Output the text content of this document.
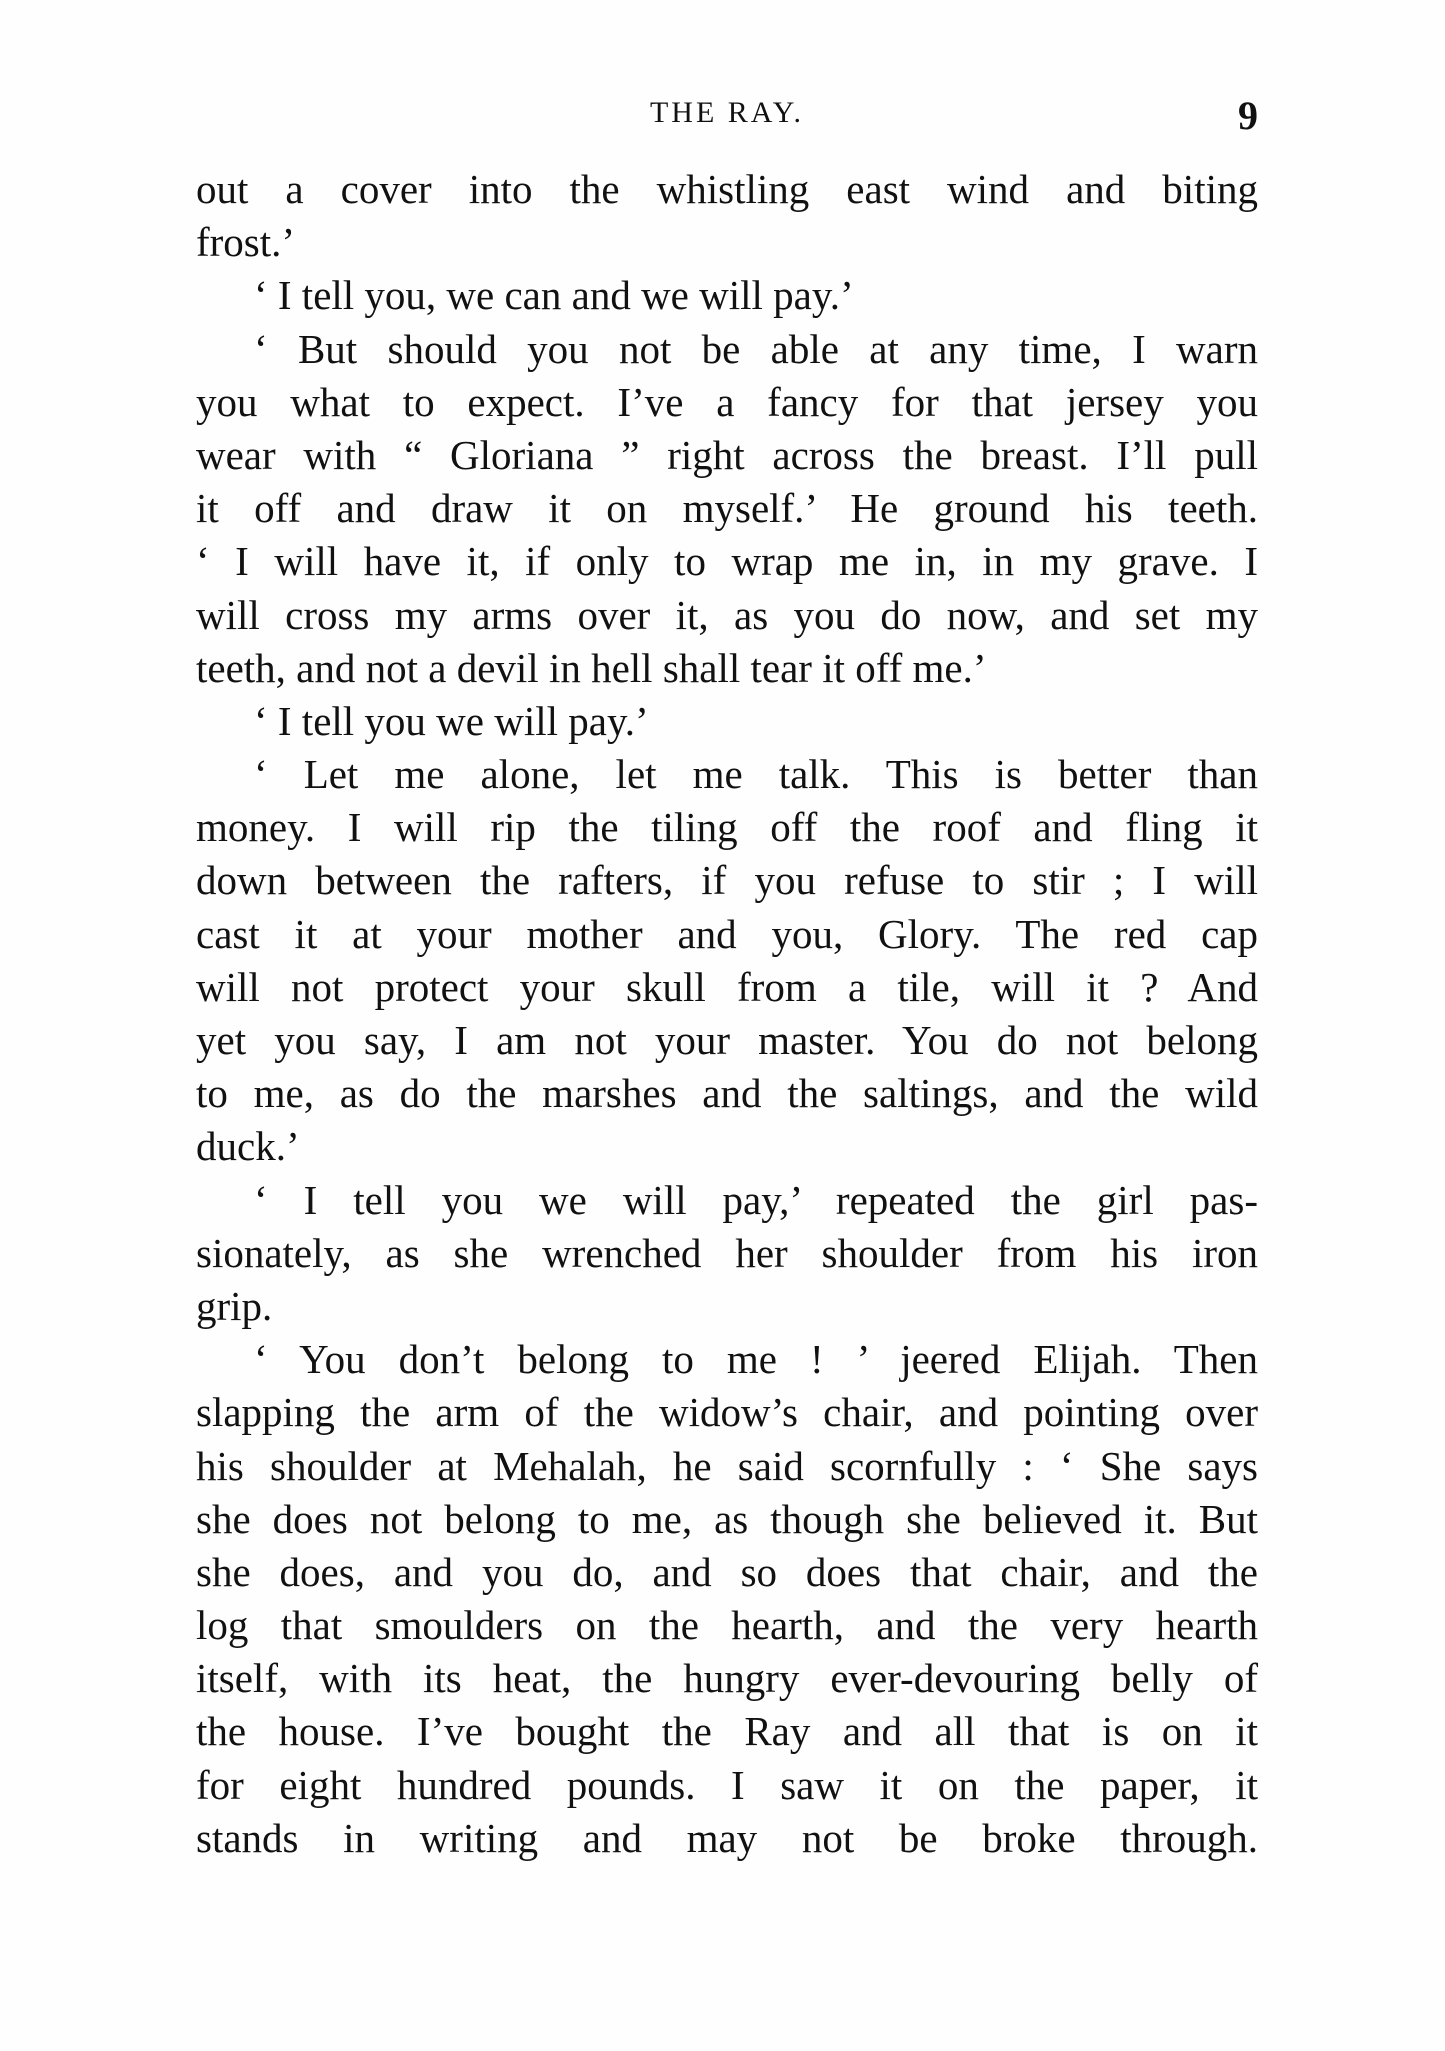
THE RAY.	9
out a cover into the whistling east wind and biting
frost.’
‘ I tell you, we can and we will pay.’
‘ But should you not be able at any time, I warn
you what to expect. I’ve a fancy for that jersey you
wear with “ Gloriana ” right across the breast. I’ll pull
it off and draw it on myself.’ He ground his teeth.
‘ I will have it, if only to wrap me in, in my grave. I
will cross my arms over it, as you do now, and set my
teeth, and not a devil in hell shall tear it off me.’
‘ I tell you we will pay.’
‘ Let me alone, let me talk. This is better than
money. I will rip the tiling off the roof and fling it
down between the rafters, if you refuse to stir ; I will
cast it at your mother and you, Glory. The red cap
will not protect your skull from a tile, will it ? And
yet you say, I am not your master. You do not belong
to me, as do the marshes and the saltings, and the wild
duck.’
‘ I tell you we will pay,’ repeated the girl pas-
sionately, as she wrenched her shoulder from his iron
grip.
‘ You don’t belong to me ! ’ jeered Elijah. Then
slapping the arm of the widow’s chair, and pointing over
his shoulder at Mehalah, he said scornfully : ‘ She says
she does not belong to me, as though she believed it. But
she does, and you do, and so does that chair, and the
log that smoulders on the hearth, and the very hearth
itself, with its heat, the hungry ever-devouring belly of
the house. I’ve bought the Ray and all that is on it
for eight hundred pounds. I saw it on the paper, it
stands in writing and may not be broke through.
